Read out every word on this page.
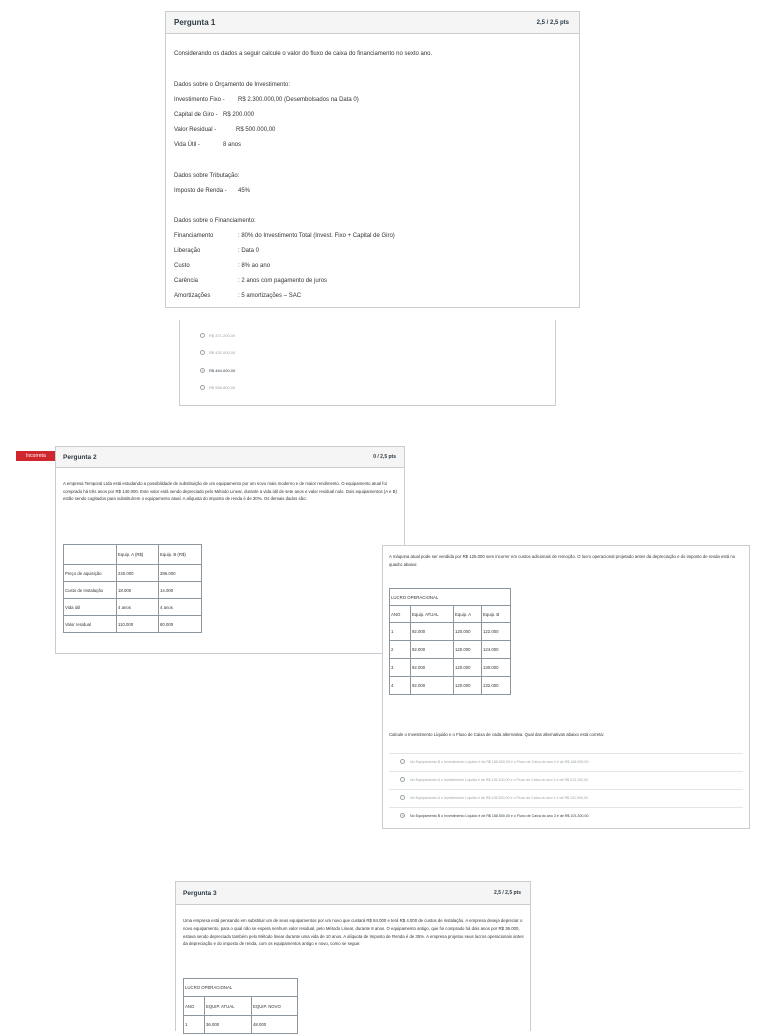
Pergunta 1	2,5 / 2,5 pts
Considerando os dados a seguir calcule o valor do fluxo de caixa do financiamento no sexto ano.
Dados sobre o Orçamento de Investimento:
Investimento Fixo - R$ 2.300.000,00 (Desembolsados na Data 0)
Capital de Giro - R$ 200.000
Valor Residual -	R$ 500.000,00
Vida Útil -	8 anos
Dados sobre Tributação:
Imposto de Renda - 45%
Dados sobre o Financiamento:
Financiamento	: 80% do Investimento Total (Invest. Fixo + Capital de Giro)
Liberação	: Data 0
Custo	: 8% ao ano
Carência	: 2 anos com pagamento de juros
Amortizações	: 5 amortizações – SAC
R$ 371.200,00
R$ 432.000,00
R$ 464.000,00
R$ 556.800,00
Incorreta	Pergunta 2	0 / 2,5 pts

A empresa Temporal Ltda está estudando a possibilidade de substituição de um equipamento por um novo mais moderno e de maior rendimento. O equipamento atual foi comprado há três anos por R$ 140.000. Este valor está sendo depreciado pelo Método Linear, durante a vida útil de sete anos e valor residual nulo. Dois equipamentos (A e B) estão sendo cogitados para substituírem o equipamento atual. A alíquota do imposto de renda é de 30%. Os demais dados são:

	Equip. A (R$)	Equip. B (R$)
Preço de aquisição	240.000	286.000
Custo de Instalação	18.000	14.000
Vida útil	4 anos	4 anos
Valor residual	110.000	80.000

A máquina atual pode ser vendida por R$ 125.000 sem incorrer em custos adicionais de remoção. O lucro operacional projetado antes da depreciação e do imposto de renda está no quadro abaixo:

LUCRO OPERACIONAL			
ANO	Equip. ATUAL	Equip. A	Equip. B
1	92.000	120.000	122.000
2	92.000	120.000	124.000
3	92.000	120.000	130.000
4	92.000	120.000	132.000
Calcule o Investimento Líquido e o Fluxo de Caixa de cada alternativa. Qual das alternativas abaixo está correta:
No Equipamento B o Investimento Líquido é de R$ 188.500,00 e o Fluxo de Caixa do ano 4 é de R$ 188.900,00.
No Equipamento A o Investimento Líquido é de R$ 126.100,00 e o Fluxo de Caixa do ano 2 é de R$ 213.150,00.
No Equipamento A o Investimento Líquido é de R$ 126.500,00 e o Fluxo de Caixa do ano 1 é de R$ 101.900,00.
No Equipamento B o Investimento Líquido é de R$ 188.500,00 e o Fluxo de Caixa do ano 3 é de R$ 103.300,00.
Pergunta 3	2,5 / 2,5 pts

Uma empresa está pensando em substituir um de seus equipamentos por um novo que custará R$ 84.000 e terá R$ 4.000 de custos de instalação. A empresa deseja depreciar o novo equipamento, para o qual não se espera nenhum valor residual, pelo Método Linear, durante 8 anos. O equipamento antigo, que foi comprado há dois anos por R$ 36.000, estava sendo depreciado também pelo Método linear durante uma vida de 10 anos. A alíquota de Imposto de Renda é de 35%. A empresa projetou seus lucros operacionais antes da depreciação e do imposto de renda, com os equipamentos antigo e novo, como se segue:

LUCRO OPERACIONAL		
ANO	EQUIP. ATUAL	EQUIP. NOVO
1	36.000	48.000
